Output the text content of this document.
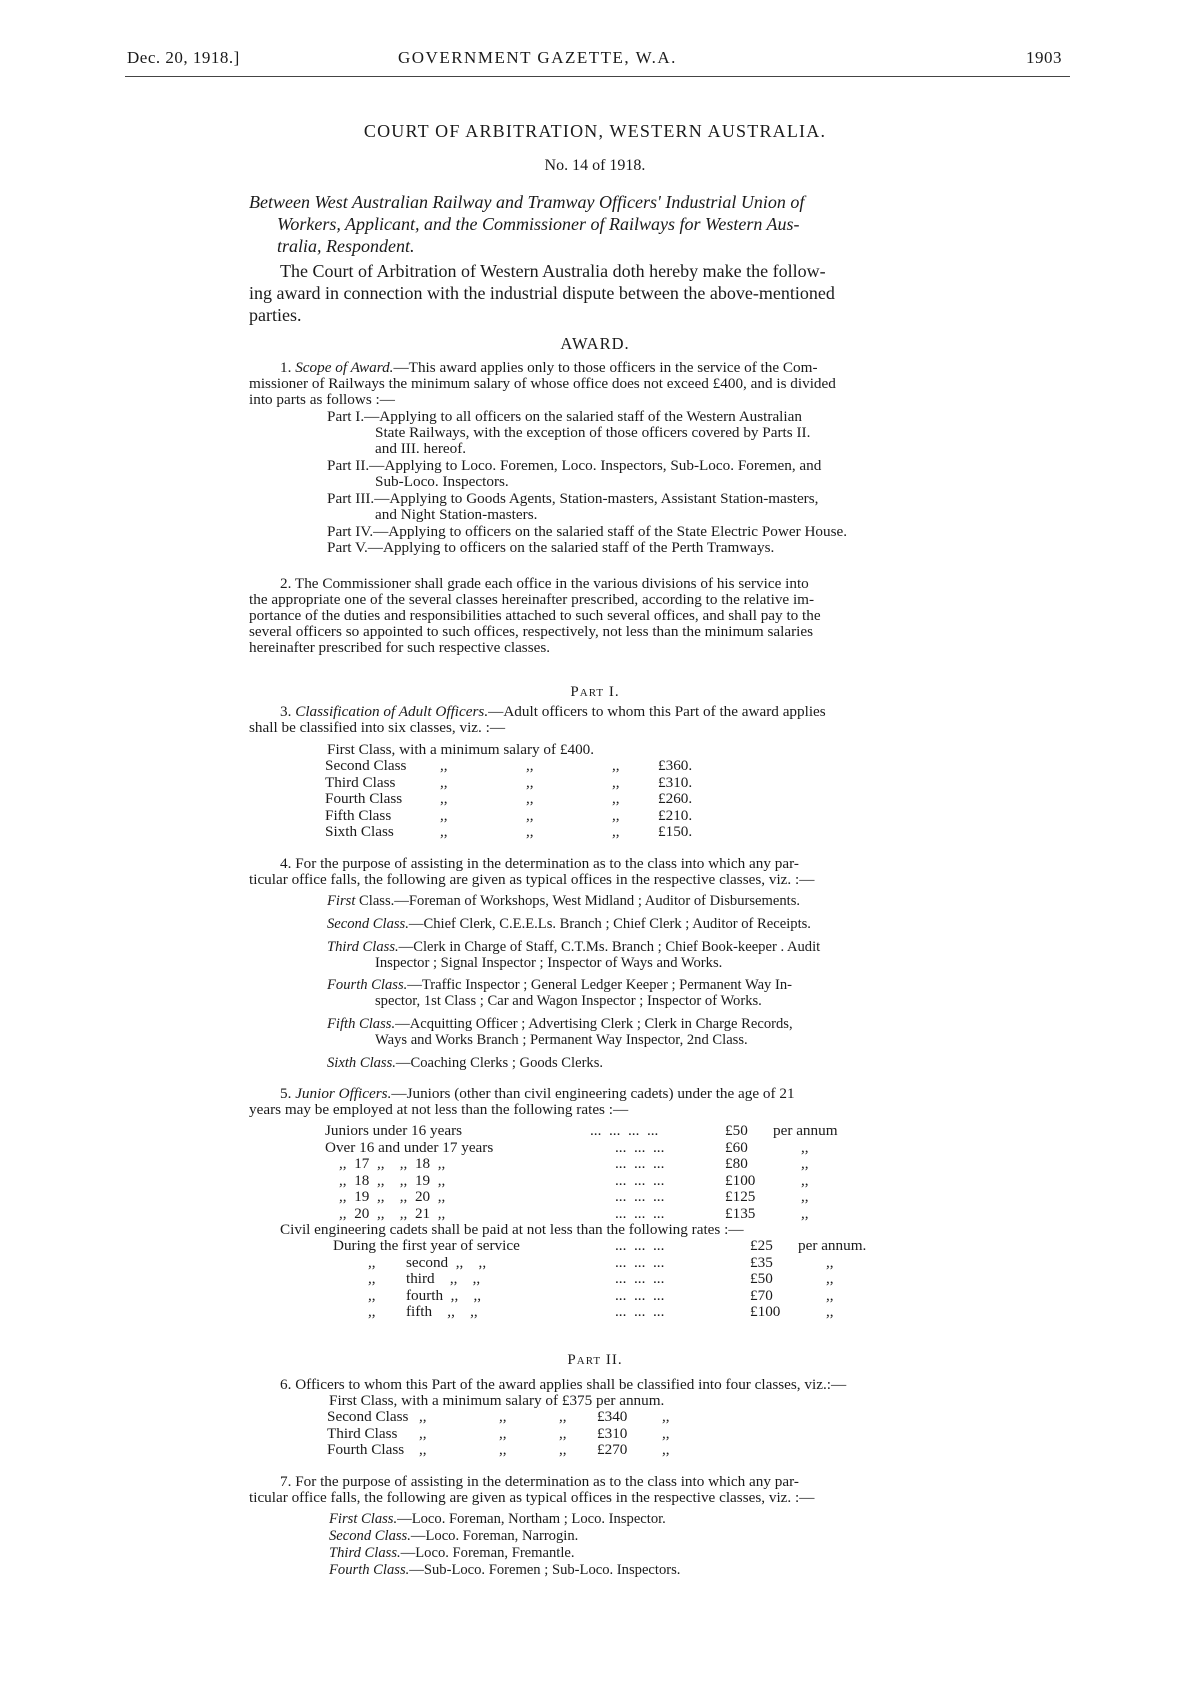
Dec. 20, 1918.]	GOVERNMENT GAZETTE, W.A.	1903
COURT OF ARBITRATION, WESTERN AUSTRALIA.
No. 14 of 1918.
Between West Australian Railway and Tramway Officers' Industrial Union of
Workers, Applicant, and the Commissioner of Railways for Western Aus-
tralia, Respondent.
The Court of Arbitration of Western Australia doth hereby make the follow-
ing award in connection with the industrial dispute between the above-mentioned
parties.
AWARD.
1. Scope of Award.—This award applies only to those officers in the service of the Com-
missioner of Railways the minimum salary of whose office does not exceed £400, and is divided
into parts as follows :—
Part I.—Applying to all officers on the salaried staff of the Western Australian
State Railways, with the exception of those officers covered by Parts II.
and III. hereof.
Part II.—Applying to Loco. Foremen, Loco. Inspectors, Sub-Loco. Foremen, and
Sub-Loco. Inspectors.
Part III.—Applying to Goods Agents, Station-masters, Assistant Station-masters,
and Night Station-masters.
Part IV.—Applying to officers on the salaried staff of the State Electric Power House.
Part V.—Applying to officers on the salaried staff of the Perth Tramways.
2. The Commissioner shall grade each office in the various divisions of his service into
the appropriate one of the several classes hereinafter prescribed, according to the relative im-
portance of the duties and responsibilities attached to such several offices, and shall pay to the
several officers so appointed to such offices, respectively, not less than the minimum salaries
hereinafter prescribed for such respective classes.
Part I.
3. Classification of Adult Officers.—Adult officers to whom this Part of the award applies
shall be classified into six classes, viz. :—
First Class, with a minimum salary of £400.
Second Class	,,	,,	,,	£360.
Third Class	,,	,,	,,	£310.
Fourth Class	,,	,,	,,	£260.
Fifth Class	,,	,,	,,	£210.
Sixth Class	,,	,,	,,	£150.
4. For the purpose of assisting in the determination as to the class into which any par-
ticular office falls, the following are given as typical offices in the respective classes, viz. :—
First Class.—Foreman of Workshops, West Midland ; Auditor of Disbursements.
Second Class.—Chief Clerk, C.E.E.Ls. Branch ; Chief Clerk ; Auditor of Receipts.
Third Class.—Clerk in Charge of Staff, C.T.Ms. Branch ; Chief Book-keeper . Audit
Inspector ; Signal Inspector ; Inspector of Ways and Works.
Fourth Class.—Traffic Inspector ; General Ledger Keeper ; Permanent Way In-
spector, 1st Class ; Car and Wagon Inspector ; Inspector of Works.
Fifth Class.—Acquitting Officer ; Advertising Clerk ; Clerk in Charge Records,
Ways and Works Branch ; Permanent Way Inspector, 2nd Class.
Sixth Class.—Coaching Clerks ; Goods Clerks.
5. Junior Officers.—Juniors (other than civil engineering cadets) under the age of 21
years may be employed at not less than the following rates :—
Juniors under 16 years	...  ...  ...  ...	£50	per annum
Over 16 and under 17 years	...  ...  ...	£60	,,
,,  17  ,,    ,,  18  ,,	...  ...  ...	£80	,,
,,  18  ,,    ,,  19  ,,	...  ...  ...	£100	,,
,,  19  ,,    ,,  20  ,,	...  ...  ...	£125	,,
,,  20  ,,    ,,  21  ,,	...  ...  ...	£135	,,
Civil engineering cadets shall be paid at not less than the following rates :—
During the first year of service	...  ...  ...	£25	per annum.
,,        second  ,,    ,,	...  ...  ...	£35	,,
,,        third    ,,    ,,	...  ...  ...	£50	,,
,,        fourth  ,,    ,,	...  ...  ...	£70	,,
,,        fifth    ,,    ,,	...  ...  ...	£100	,,
Part II.
6. Officers to whom this Part of the award applies shall be classified into four classes, viz.:—
First Class, with a minimum salary of £375 per annum.
Second Class	,,	,,	,,	£340	,,
Third Class	,,	,,	,,	£310	,,
Fourth Class	,,	,,	,,	£270	,,
7. For the purpose of assisting in the determination as to the class into which any par-
ticular office falls, the following are given as typical offices in the respective classes, viz. :—
First Class.—Loco. Foreman, Northam ; Loco. Inspector.
Second Class.—Loco. Foreman, Narrogin.
Third Class.—Loco. Foreman, Fremantle.
Fourth Class.—Sub-Loco. Foremen ; Sub-Loco. Inspectors.
